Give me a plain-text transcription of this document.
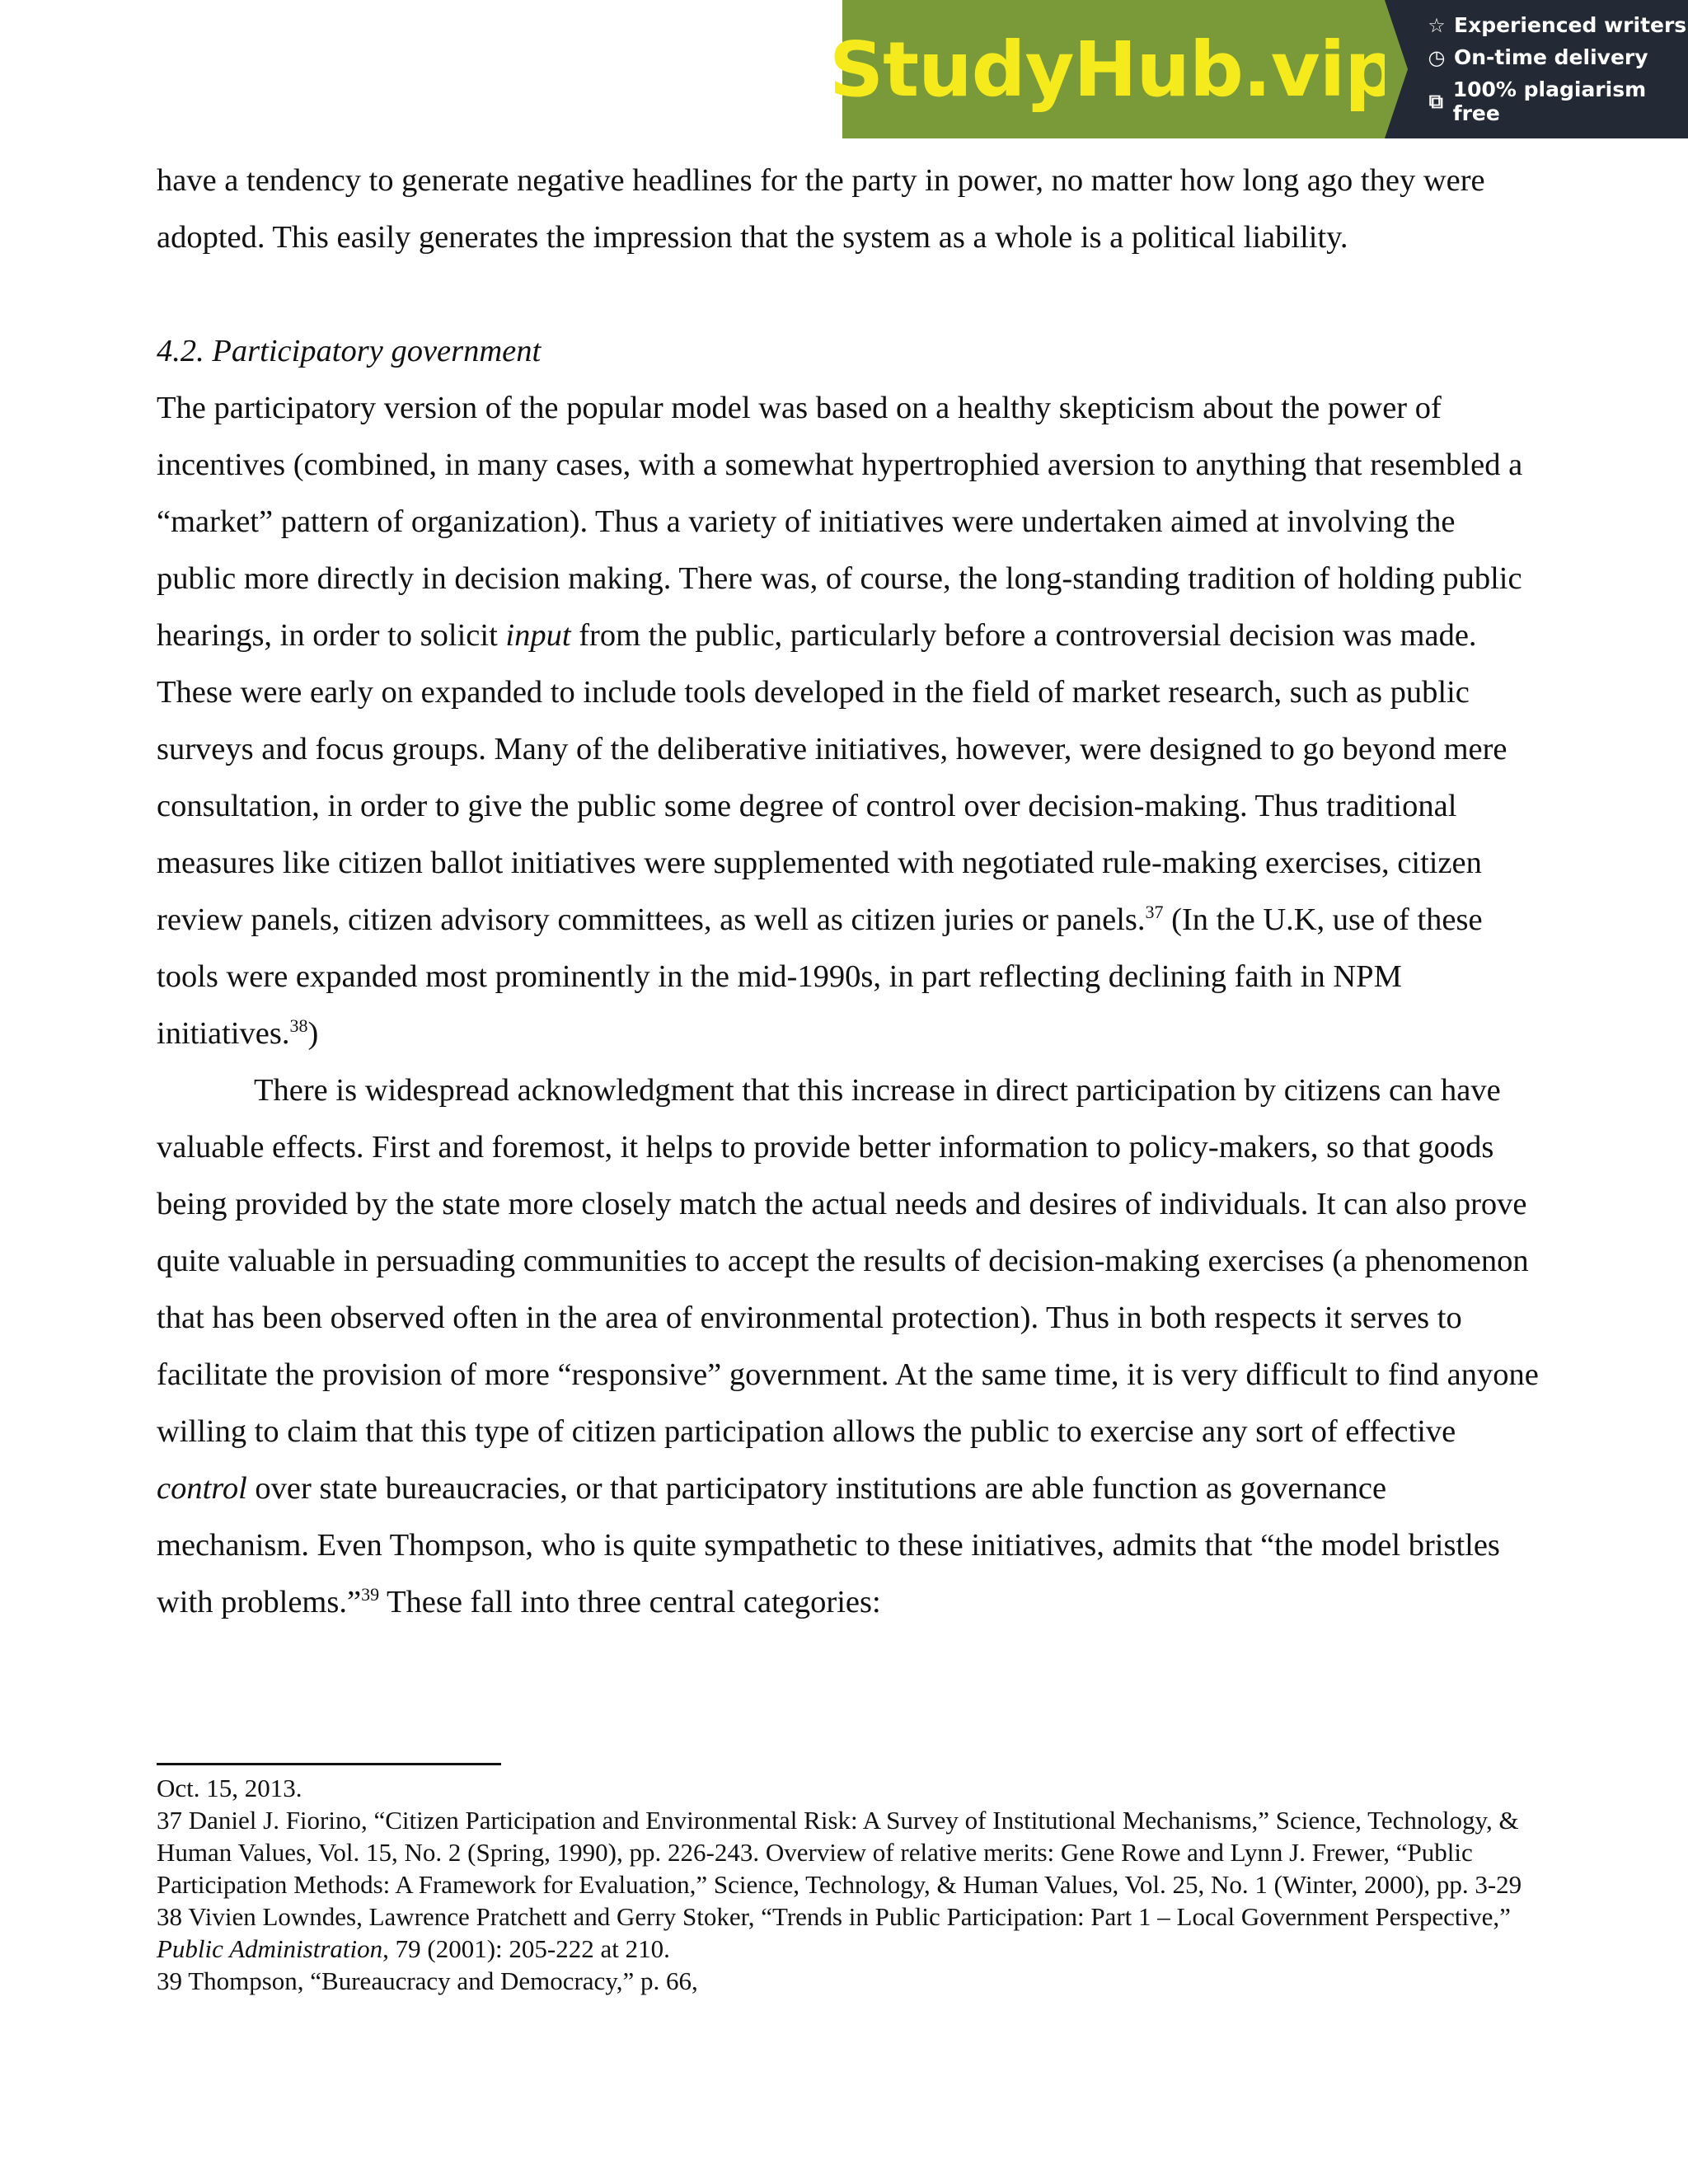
StudyHub.vip ☆ Experienced writers
◷ On-time delivery
⧉ 100% plagiarism free

have a tendency to generate negative headlines for the party in power, no matter how long ago they were adopted. This easily generates the impression that the system as a whole is a political liability.

4.2. Participatory government

The participatory version of the popular model was based on a healthy skepticism about the power of incentives (combined, in many cases, with a somewhat hypertrophied aversion to anything that resembled a “market” pattern of organization). Thus a variety of initiatives were undertaken aimed at involving the public more directly in decision making. There was, of course, the long-standing tradition of holding public hearings, in order to solicit input from the public, particularly before a controversial decision was made. These were early on expanded to include tools developed in the field of market research, such as public surveys and focus groups. Many of the deliberative initiatives, however, were designed to go beyond mere consultation, in order to give the public some degree of control over decision-making. Thus traditional measures like citizen ballot initiatives were supplemented with negotiated rule-making exercises, citizen review panels, citizen advisory committees, as well as citizen juries or panels.$^{37}$ (In the U.K, use of these tools were expanded most prominently in the mid-1990s, in part reflecting declining faith in NPM initiatives.$^{38}$)

There is widespread acknowledgment that this increase in direct participation by citizens can have valuable effects. First and foremost, it helps to provide better information to policy-makers, so that goods being provided by the state more closely match the actual needs and desires of individuals. It can also prove quite valuable in persuading communities to accept the results of decision-making exercises (a phenomenon that has been observed often in the area of environmental protection). Thus in both respects it serves to facilitate the provision of more “responsive” government. At the same time, it is very difficult to find anyone willing to claim that this type of citizen participation allows the public to exercise any sort of effective control over state bureaucracies, or that participatory institutions are able function as governance mechanism. Even Thompson, who is quite sympathetic to these initiatives, admits that “the model bristles with problems.”$^{39}$ These fall into three central categories:

Oct. 15, 2013.

37 Daniel J. Fiorino, “Citizen Participation and Environmental Risk: A Survey of Institutional Mechanisms,” Science, Technology, & Human Values, Vol. 15, No. 2 (Spring, 1990), pp. 226-243. Overview of relative merits: Gene Rowe and Lynn J. Frewer, “Public Participation Methods: A Framework for Evaluation,” Science, Technology, & Human Values, Vol. 25, No. 1 (Winter, 2000), pp. 3-29

38 Vivien Lowndes, Lawrence Pratchett and Gerry Stoker, “Trends in Public Participation: Part 1 – Local Government Perspective,” Public Administration, 79 (2001): 205-222 at 210.

39 Thompson, “Bureaucracy and Democracy,” p. 66,
